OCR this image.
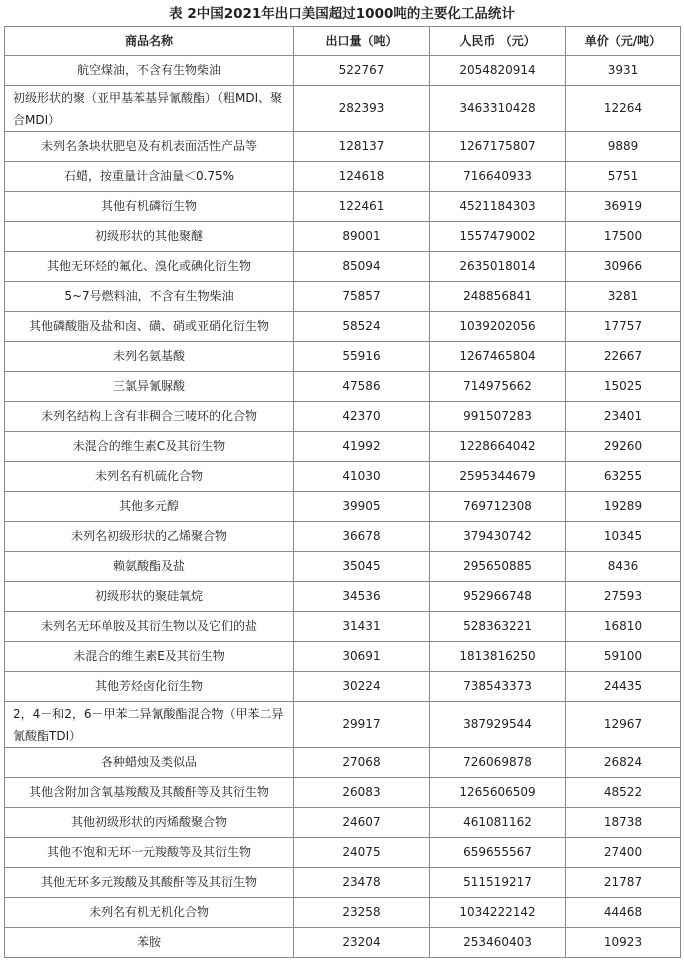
表 2中国2021年出口美国超过1000吨的主要化工品统计
商品名称	出口量（吨）	人民币 （元）	单价（元/吨）
航空煤油，不含有生物柴油	522767	2054820914	3931
初级形状的聚（亚甲基苯基异氰酸酯）（粗MDI、聚合MDI）	282393	3463310428	12264
未列名条块状肥皂及有机表面活性产品等	128137	1267175807	9889
石蜡，按重量计含油量＜0.75%	124618	716640933	5751
其他有机磷衍生物	122461	4521184303	36919
初级形状的其他聚醚	89001	1557479002	17500
其他无环烃的氟化、溴化或碘化衍生物	85094	2635018014	30966
5~7号燃料油，不含有生物柴油	75857	248856841	3281
其他磷酸脂及盐和卤、磺、硝或亚硝化衍生物	58524	1039202056	17757
未列名氨基酸	55916	1267465804	22667
三氯异氰脲酸	47586	714975662	15025
未列名结构上含有非稠合三唛环的化合物	42370	991507283	23401
未混合的维生素C及其衍生物	41992	1228664042	29260
未列名有机硫化合物	41030	2595344679	63255
其他多元醇	39905	769712308	19289
未列名初级形状的乙烯聚合物	36678	379430742	10345
赖氨酸酯及盐	35045	295650885	8436
初级形状的聚硅氧烷	34536	952966748	27593
未列名无环单胺及其衍生物以及它们的盐	31431	528363221	16810
未混合的维生素E及其衍生物	30691	1813816250	59100
其他芳烃卤化衍生物	30224	738543373	24435
2，4－和2，6－甲苯二异氰酸酯混合物（甲苯二异氰酸酯TDI）	29917	387929544	12967
各种蜡烛及类似品	27068	726069878	26824
其他含附加含氧基羧酸及其酸酐等及其衍生物	26083	1265606509	48522
其他初级形状的丙烯酸聚合物	24607	461081162	18738
其他不饱和无环一元羧酸等及其衍生物	24075	659655567	27400
其他无环多元羧酸及其酸酐等及其衍生物	23478	511519217	21787
未列名有机无机化合物	23258	1034222142	44468
苯胺	23204	253460403	10923
